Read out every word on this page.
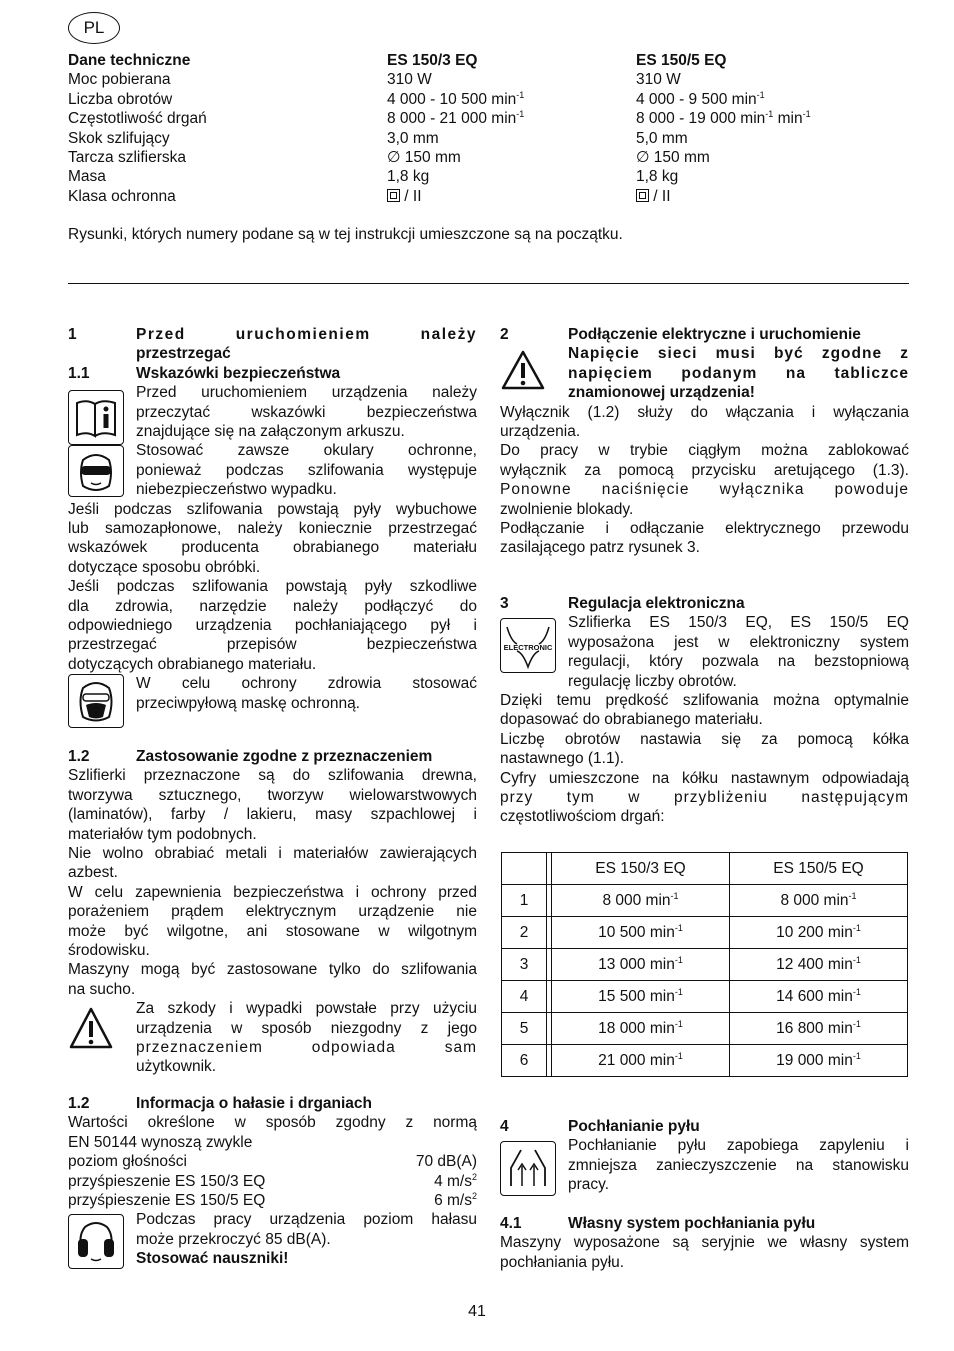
PL
Dane techniczne	ES 150/3 EQ	ES 150/5 EQ
Moc pobierana	310 W	310 W
Liczba obrotów	4 000 - 10 500 $\min^{-1}$	4 000 - 9 500 $\min^{-1}$
Częstotliwość drgań	8 000 - 21 000 $\min^{-1}$	8 000 - 19 000 $\min^{-1} \min^{-1}$
Skok szlifujący	3,0 mm	5,0 mm
Tarcza szlifierska	∅ 150 mm	∅ 150 mm
Masa	1,8 kg	1,8 kg
Klasa ochronna	/ II	/ II
Rysunki, których numery podane są w tej instrukcji umieszczone są na początku.
1	Przed uruchomieniem należy
przestrzegać
1.1	Wskazówki bezpieczeństwa
Przed uruchomieniem urządzenia należy
przeczytać wskazówki bezpieczeństwa
znajdujące się na załączonym arkuszu.
Stosować zawsze okulary ochronne,
ponieważ podczas szlifowania występuje
niebezpieczeństwo wypadku.
Jeśli podczas szlifowania powstają pyły wybuchowe
lub samozapłonowe, należy koniecznie przestrzegać
wskazówek producenta obrabianego materiału
dotyczące sposobu obróbki.
Jeśli podczas szlifowania powstają pyły szkodliwe
dla zdrowia, narzędzie należy podłączyć do
odpowiedniego urządzenia pochłaniającego pył i
przestrzegać przepisów bezpieczeństwa
dotyczących obrabianego materiału.
W celu ochrony zdrowia stosować
przeciwpyłową maskę ochronną.
1.2	Zastosowanie zgodne z przeznaczeniem
Szlifierki przeznaczone są do szlifowania drewna,
tworzywa sztucznego, tworzyw wielowarstwowych
(laminatów), farby / lakieru, masy szpachlowej i
materiałów tym podobnych.
Nie wolno obrabiać metali i materiałów zawierających
azbest.
W celu zapewnienia bezpieczeństwa i ochrony przed
porażeniem prądem elektrycznym urządzenie nie
może być wilgotne, ani stosowane w wilgotnym
środowisku.
Maszyny mogą być zastosowane tylko do szlifowania
na sucho.
Za szkody i wypadki powstałe przy użyciu
urządzenia w sposób niezgodny z jego
przeznaczeniem odpowiada sam
użytkownik.
1.2	Informacja o hałasie i drganiach
Wartości określone w sposób zgodny z normą
EN 50144 wynoszą zwykle
poziom głośności	70 dB(A)
przyśpieszenie ES 150/3 EQ	4 $m/s^2$
przyśpieszenie ES 150/5 EQ	6 $m/s^2$
Podczas pracy urządzenia poziom hałasu
może przekroczyć 85 dB(A).
Stosować nauszniki!
2	Podłączenie elektryczne i uruchomienie
Napięcie sieci musi być zgodne z
napięciem podanym na tabliczce
znamionowej urządzenia!
Wyłącznik (1.2) służy do włączania i wyłączania
urządzenia.
Do pracy w trybie ciągłym można zablokować
wyłącznik za pomocą przycisku aretującego (1.3).
Ponowne naciśnięcie wyłącznika powoduje
zwolnienie blokady.
Podłączanie i odłączanie elektrycznego przewodu
zasilającego patrz rysunek 3.
3	Regulacja elektroniczna
Szlifierka ES 150/3 EQ, ES 150/5 EQ
wyposażona jest w elektroniczny system
regulacji, który pozwala na bezstopniową
regulację liczby obrotów.
Dzięki temu prędkość szlifowania można optymalnie
dopasować do obrabianego materiału.
Liczbę obrotów nastawia się za pomocą kółka
nastawnego (1.1).
Cyfry umieszczone na kółku nastawnym odpowiadają
przy tym w przybliżeniu następującym
częstotliwościom drgań:
ELECTRONIC
		ES 150/3 EQ	ES 150/5 EQ
1		8 000 $\min^{-1}$	8 000 $\min^{-1}$
2		10 500 $\min^{-1}$	10 200 $\min^{-1}$
3		13 000 $\min^{-1}$	12 400 $\min^{-1}$
4		15 500 $\min^{-1}$	14 600 $\min^{-1}$
5		18 000 $\min^{-1}$	16 800 $\min^{-1}$
6		21 000 $\min^{-1}$	19 000 $\min^{-1}$
4	Pochłanianie pyłu
Pochłanianie pyłu zapobiega zapyleniu i
zmniejsza zanieczyszczenie na stanowisku
pracy.
4.1	Własny system pochłaniania pyłu
Maszyny wyposażone są seryjnie we własny system
pochłaniania pyłu.
41
